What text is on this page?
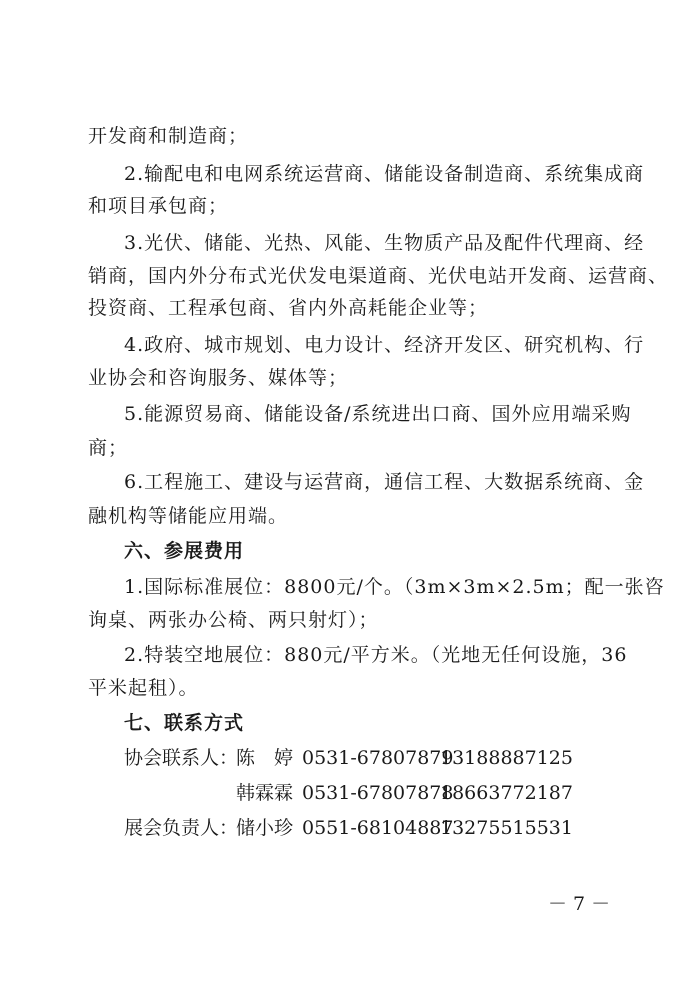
开发商和制造商；
2.输配电和电网系统运营商、储能设备制造商、系统集成商
和项目承包商；
3.光伏、储能、光热、风能、生物质产品及配件代理商、经
销商，国内外分布式光伏发电渠道商、光伏电站开发商、运营商、
投资商、工程承包商、省内外高耗能企业等；
4.政府、城市规划、电力设计、经济开发区、研究机构、行
业协会和咨询服务、媒体等；
5.能源贸易商、储能设备/系统进出口商、国外应用端采购
商；
6.工程施工、建设与运营商，通信工程、大数据系统商、金
融机构等储能应用端。
六、参展费用
1.国际标准展位：8800元/个。（3m×3m×2.5m；配一张咨
询桌、两张办公椅、两只射灯）；
2.特装空地展位：880元/平方米。（光地无任何设施，36
平米起租）。
七、联系方式
协会联系人：
陈　婷 0531-67807879
13188887125
韩霖霖 0531-67807878
18663772187
展会负责人：
储小珍 0551-68104887
13275515531
－ 7 －
